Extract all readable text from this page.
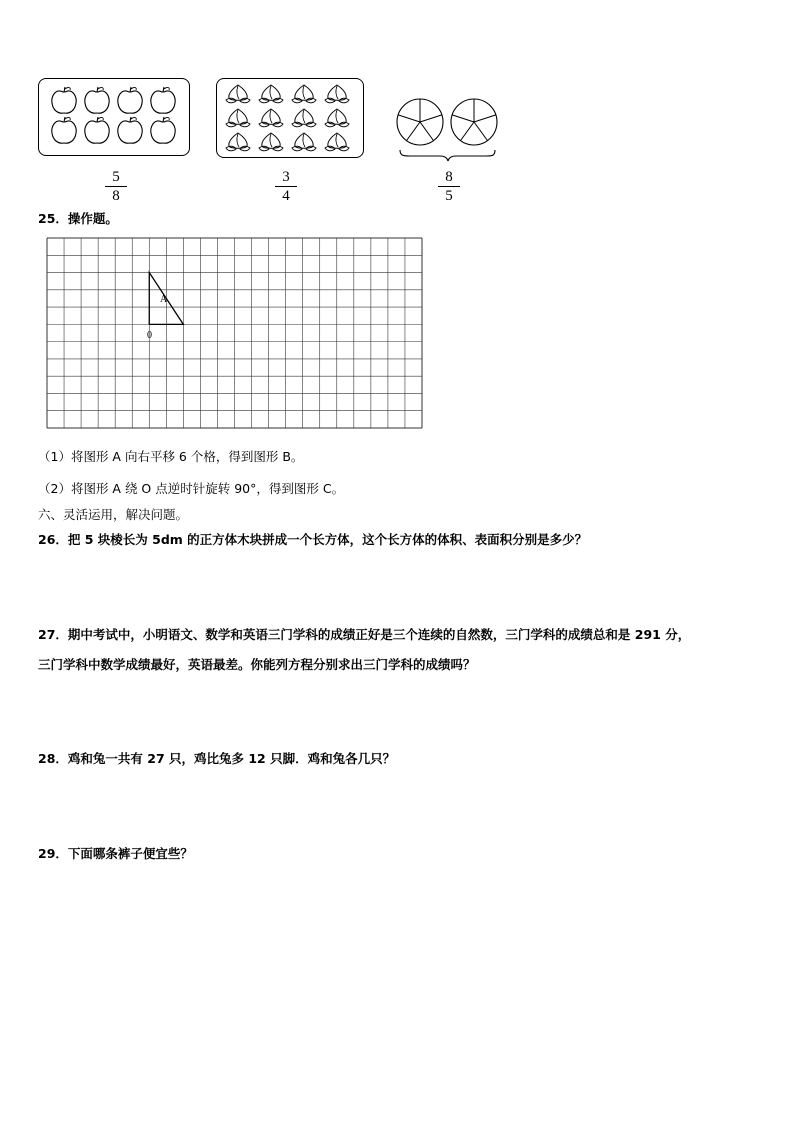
5
8
3
4
8
5
25．操作题。
A
0
（1）将图形 A 向右平移 6 个格，得到图形 B。
（2）将图形 A 绕 O 点逆时针旋转 90°，得到图形 C。
六、灵活运用，解决问题。
26．把 5 块棱长为 5dm 的正方体木块拼成一个长方体，这个长方体的体积、表面积分别是多少？
27．期中考试中，小明语文、数学和英语三门学科的成绩正好是三个连续的自然数，三门学科的成绩总和是 291 分，
三门学科中数学成绩最好，英语最差。你能列方程分别求出三门学科的成绩吗？
28．鸡和兔一共有 27 只，鸡比兔多 12 只脚．鸡和兔各几只？
29．下面哪条裤子便宜些？
